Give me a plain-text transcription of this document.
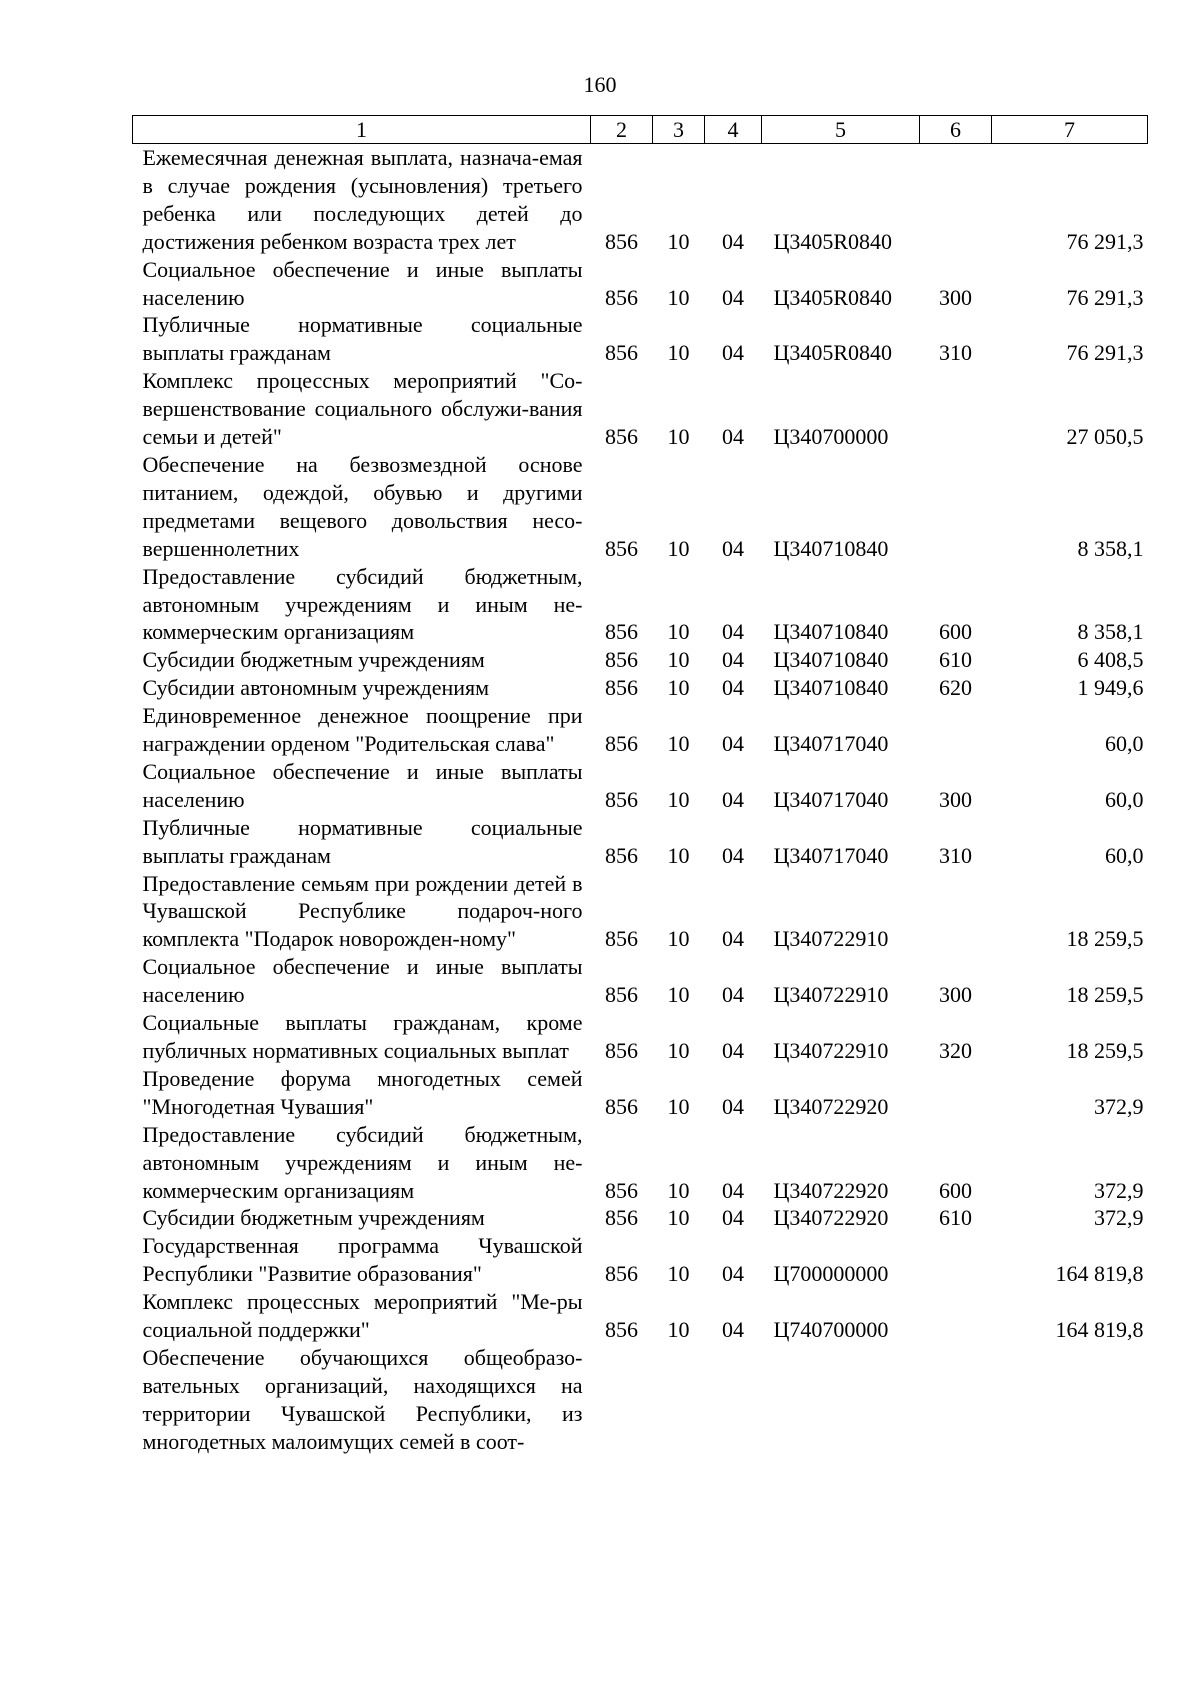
160
1	2	3	4	5	6	7
Ежемесячная денежная выплата, назнача-емая в случае рождения (усыновления) третьего ребенка или последующих детей до достижения ребенком возраста трех лет	856	10	04	Ц3405R0840		76 291,3
Социальное обеспечение и иные выплаты населению	856	10	04	Ц3405R0840	300	76 291,3
Публичные нормативные социальные выплаты гражданам	856	10	04	Ц3405R0840	310	76 291,3
Комплекс процессных мероприятий "Со-вершенствование социального обслужи-вания семьи и детей"	856	10	04	Ц340700000		27 050,5
Обеспечение на безвозмездной основе питанием, одеждой, обувью и другими предметами вещевого довольствия несо-вершеннолетних	856	10	04	Ц340710840		8 358,1
Предоставление субсидий бюджетным, автономным учреждениям и иным не-коммерческим организациям	856	10	04	Ц340710840	600	8 358,1
Субсидии бюджетным учреждениям	856	10	04	Ц340710840	610	6 408,5
Субсидии автономным учреждениям	856	10	04	Ц340710840	620	1 949,6
Единовременное денежное поощрение при награждении орденом "Родительская слава"	856	10	04	Ц340717040		60,0
Социальное обеспечение и иные выплаты населению	856	10	04	Ц340717040	300	60,0
Публичные нормативные социальные выплаты гражданам	856	10	04	Ц340717040	310	60,0
Предоставление семьям при рождении детей в Чувашской Республике подароч-ного комплекта "Подарок новорожден-ному"	856	10	04	Ц340722910		18 259,5
Социальное обеспечение и иные выплаты населению	856	10	04	Ц340722910	300	18 259,5
Социальные выплаты гражданам, кроме публичных нормативных социальных выплат	856	10	04	Ц340722910	320	18 259,5
Проведение форума многодетных семей "Многодетная Чувашия"	856	10	04	Ц340722920		372,9
Предоставление субсидий бюджетным, автономным учреждениям и иным не-коммерческим организациям	856	10	04	Ц340722920	600	372,9
Субсидии бюджетным учреждениям	856	10	04	Ц340722920	610	372,9
Государственная программа Чувашской Республики "Развитие образования"	856	10	04	Ц700000000		164 819,8
Комплекс процессных мероприятий "Ме-ры социальной поддержки"	856	10	04	Ц740700000		164 819,8
Обеспечение обучающихся общеобразо-вательных организаций, находящихся на территории Чувашской Республики, из многодетных малоимущих семей в соот-						
